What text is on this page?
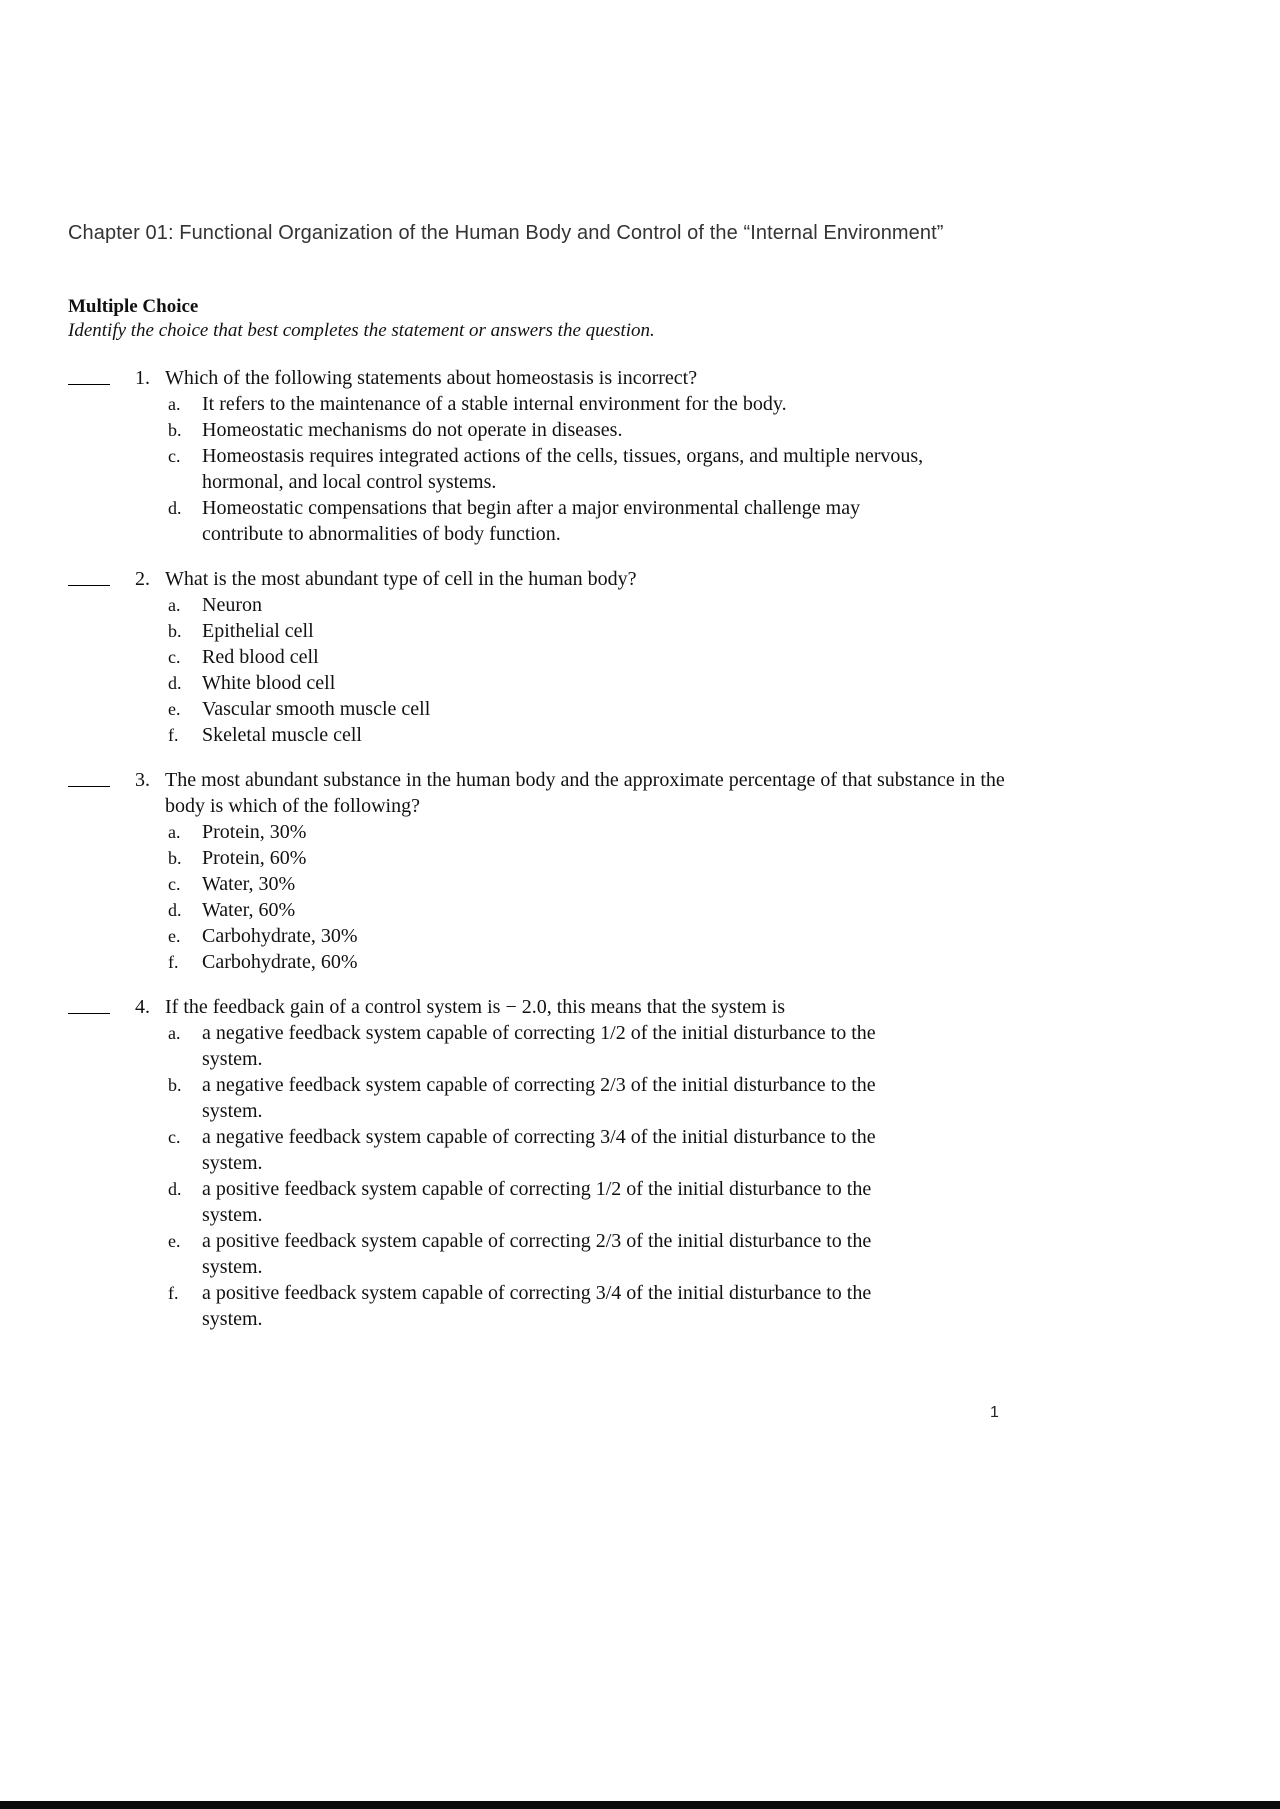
Chapter 01: Functional Organization of the Human Body and Control of the “Internal Environment”
Multiple Choice
Identify the choice that best completes the statement or answers the question.
1. Which of the following statements about homeostasis is incorrect?
a.	It refers to the maintenance of a stable internal environment for the body.
b.	Homeostatic mechanisms do not operate in diseases.
c.	Homeostasis requires integrated actions of the cells, tissues, organs, and multiple nervous, hormonal, and local control systems.
d.	Homeostatic compensations that begin after a major environmental challenge may contribute to abnormalities of body function.
2. What is the most abundant type of cell in the human body?
a.	Neuron
b.	Epithelial cell
c.	Red blood cell
d.	White blood cell
e.	Vascular smooth muscle cell
f.	Skeletal muscle cell
3. The most abundant substance in the human body and the approximate percentage of that substance in the body is which of the following?
a.	Protein, 30%
b.	Protein, 60%
c.	Water, 30%
d.	Water, 60%
e.	Carbohydrate, 30%
f.	Carbohydrate, 60%
4. If the feedback gain of a control system is − 2.0, this means that the system is
a.	a negative feedback system capable of correcting 1/2 of the initial disturbance to the system.
b.	a negative feedback system capable of correcting 2/3 of the initial disturbance to the system.
c.	a negative feedback system capable of correcting 3/4 of the initial disturbance to the system.
d.	a positive feedback system capable of correcting 1/2 of the initial disturbance to the system.
e.	a positive feedback system capable of correcting 2/3 of the initial disturbance to the system.
f.	a positive feedback system capable of correcting 3/4 of the initial disturbance to the system.
1
